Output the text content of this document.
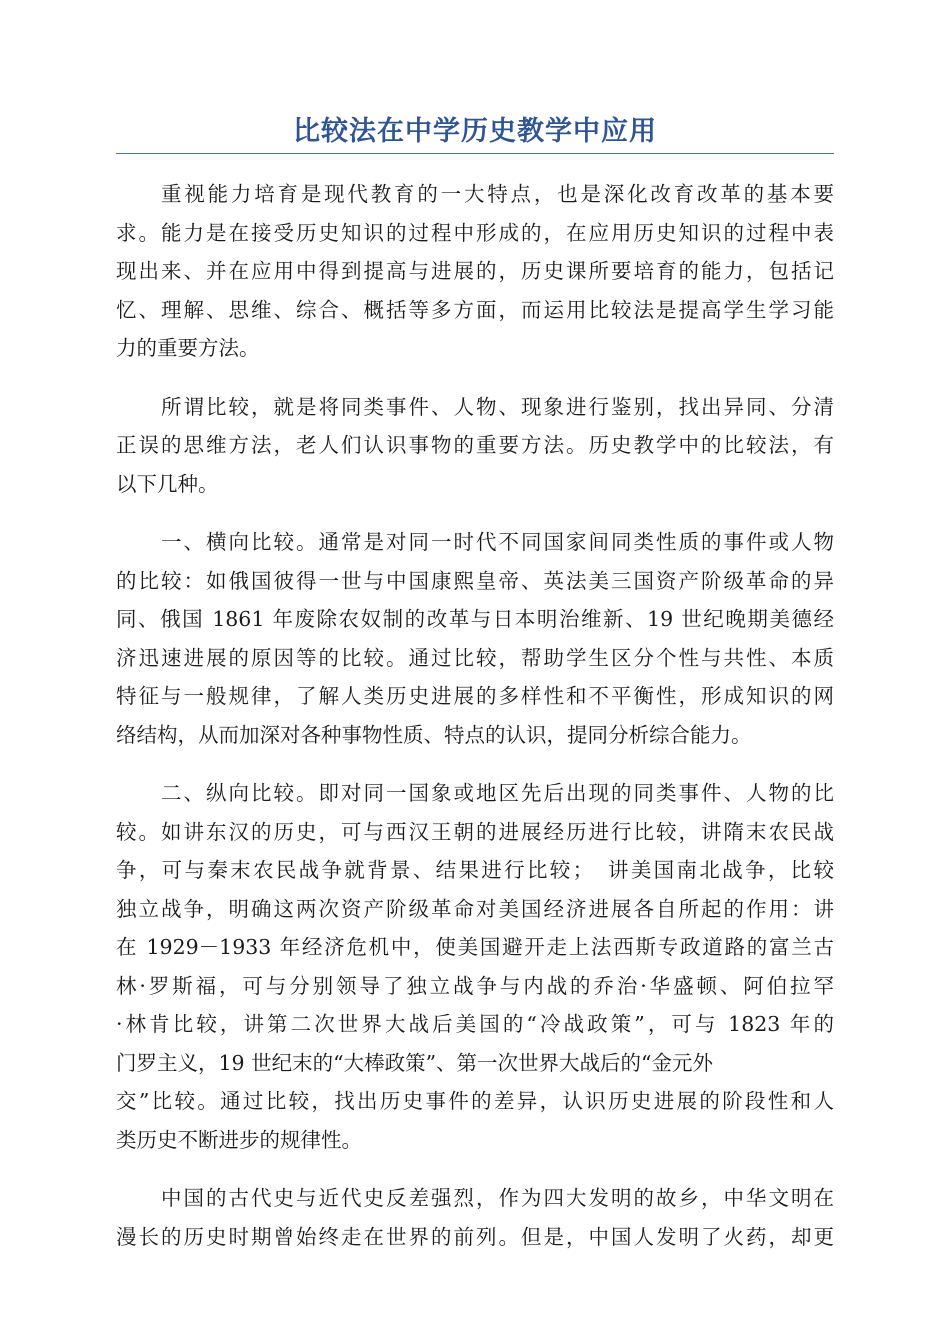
比较法在中学历史教学中应用
重视能力培育是现代教育的一大特点，也是深化改育改革的基本要
求。能力是在接受历史知识的过程中形成的，在应用历史知识的过程中表
现出来、并在应用中得到提高与进展的，历史课所要培育的能力，包括记
忆、理解、思维、综合、概括等多方面，而运用比较法是提高学生学习能
力的重要方法。
所谓比较，就是将同类事件、人物、现象进行鉴别，找出异同、分清
正误的思维方法，老人们认识事物的重要方法。历史教学中的比较法，有
以下几种。
一、横向比较。通常是对同一时代不同国家间同类性质的事件或人物
的比较：如俄国彼得一世与中国康熙皇帝、英法美三国资产阶级革命的异
同、俄国 1861 年废除农奴制的改革与日本明治维新、19 世纪晚期美德经
济迅速进展的原因等的比较。通过比较，帮助学生区分个性与共性、本质
特征与一般规律，了解人类历史进展的多样性和不平衡性，形成知识的网
络结构，从而加深对各种事物性质、特点的认识，提同分析综合能力。
二、纵向比较。即对同一国象或地区先后出现的同类事件、人物的比
较。如讲东汉的历史，可与西汉王朝的进展经历进行比较，讲隋末农民战
争，可与秦末农民战争就背景、结果进行比较；　讲美国南北战争，比较
独立战争，明确这两次资产阶级革命对美国经济进展各自所起的作用：讲
在 1929－1933 年经济危机中，使美国避开走上法西斯专政道路的富兰古
林·罗斯福，可与分别领导了独立战争与内战的乔治·华盛顿、阿伯拉罕
·林肯比较，讲第二次世界大战后美国的“冷战政策”，可与 1823 年的
门罗主义，19 世纪末的“大棒政策”、第一次世界大战后的“金元外
交”比较。通过比较，找出历史事件的差异，认识历史进展的阶段性和人
类历史不断进步的规律性。
中国的古代史与近代史反差强烈，作为四大发明的故乡，中华文明在
漫长的历史时期曾始终走在世界的前列。但是，中国人发明了火药，却更
